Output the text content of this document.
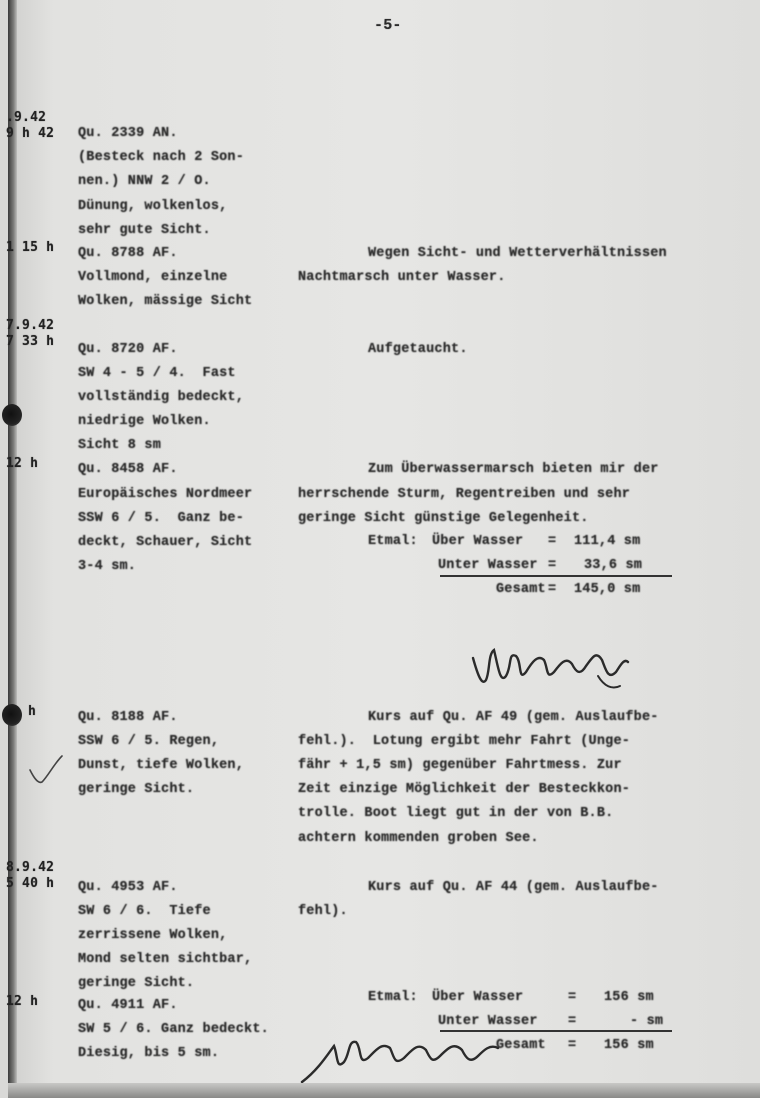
-5-
.9.42
9 h 42 Qu. 2339 AN.
(Besteck nach 2 Son-
nen.) NNW 2 / O.
Dünung, wolkenlos,
sehr gute Sicht.
1 15 h Qu. 8788 AF.
Vollmond, einzelne
Wolken, mässige Sicht
Wegen Sicht- und Wetterverhältnissen
Nachtmarsch unter Wasser.
7.9.42
7 33 h
Qu. 8720 AF.
SW 4 - 5 / 4.  Fast
vollständig bedeckt,
niedrige Wolken.
Sicht 8 sm
Aufgetaucht.
12 h	Qu. 8458 AF.
Europäisches Nordmeer
SSW 6 / 5.  Ganz be-
deckt, Schauer, Sicht
3-4 sm.
Zum Überwassermarsch bieten mir der
herrschende Sturm, Regentreiben und sehr
geringe Sicht günstige Gelegenheit.
Etmal: Über Wasser = 111,4 sm
Unter Wasser = 33,6 sm
Gesamt = 145,0 sm
h	Qu. 8188 AF.
SSW 6 / 5. Regen,
Dunst, tiefe Wolken,
geringe Sicht.
Kurs auf Qu. AF 49 (gem. Auslaufbe-
fehl.).  Lotung ergibt mehr Fahrt (Unge-
fähr + 1,5 sm) gegenüber Fahrtmess. Zur
Zeit einzige Möglichkeit der Besteckkon-
trolle. Boot liegt gut in der von B.B.
achtern kommenden groben See.
8.9.42
5 40 h Qu. 4953 AF.
SW 6 / 6.  Tiefe
zerrissene Wolken,
Mond selten sichtbar,
geringe Sicht.
Kurs auf Qu. AF 44 (gem. Auslaufbe-
fehl).
12 h	Qu. 4911 AF.
SW 5 / 6. Ganz bedeckt.
Diesig, bis 5 sm.
Etmal: Über Wasser	= 156 sm
Unter Wasser =	- sm
Gesamt = 156 sm
